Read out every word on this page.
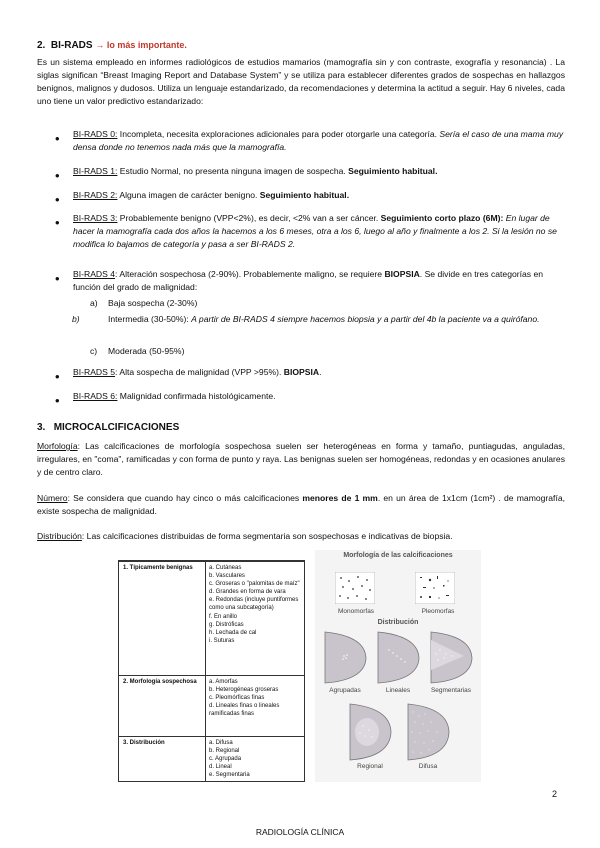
2. BI-RADS → lo más importante.
Es un sistema empleado en informes radiológicos de estudios mamarios (mamografía sin y con contraste, exografía y resonancia) . La siglas significan “Breast Imaging Report and Database System” y se utiliza para establecer diferentes grados de sospechas en hallazgos benignos, malignos y dudosos. Utiliza un lenguaje estandarizado, da recomendaciones y determina la actitud a seguir. Hay 6 niveles, cada uno tiene un valor predictivo estandarizado:
• BI-RADS 0: Incompleta, necesita exploraciones adicionales para poder otorgarle una categoría. Sería el caso de una mama muy densa donde no tenemos nada más que la mamografía.
• BI-RADS 1: Estudio Normal, no presenta ninguna imagen de sospecha. Seguimiento habitual.
• BI-RADS 2: Alguna imagen de carácter benigno. Seguimiento habitual.
• BI-RADS 3: Probablemente benigno (VPP<2%), es decir, <2% van a ser cáncer. Seguimiento corto plazo (6M): En lugar de hacer la mamografía cada dos años la hacemos a los 6 meses, otra a los 6, luego al año y finalmente a los 2. Si la lesión no se modifica lo bajamos de categoría y pasa a ser BI-RADS 2.
• BI-RADS 4: Alteración sospechosa (2-90%). Probablemente maligno, se requiere BIOPSIA. Se divide en tres categorías en función del grado de malignidad:
a) Baja sospecha (2-30%)
b)	Intermedia (30-50%): A partir de BI-RADS 4 siempre hacemos biopsia y a partir del 4b la paciente va a quirófano.
c) Moderada (50-95%)
• BI-RADS 5: Alta sospecha de malignidad (VPP >95%). BIOPSIA.
• BI-RADS 6: Malignidad confirmada histológicamente.
3. MICROCALCIFICACIONES
Morfología: Las calcificaciones de morfología sospechosa suelen ser heterogéneas en forma y tamaño, puntiagudas, anguladas, irregulares, en "coma", ramificadas y con forma de punto y raya. Las benignas suelen ser homogéneas, redondas y en ocasiones anulares y de centro claro.
Número: Se considera que cuando hay cinco o más calcificaciones menores de 1 mm. en un área de 1x1cm (1cm²) . de mamografía, existe sospecha de malignidad.
Distribución: Las calcificaciones distribuidas de forma segmentaria son sospechosas e indicativas de biopsia.
1. Típicamente benignas	a. Cutáneas
b. Vasculares
c. Groseras o "palomitas de maíz"
d. Grandes en forma de vara
e. Redondas (incluye puntiformes como una subcategoría)
f. En anillo
g. Distróficas
h. Lechada de cal
i. Suturas
2. Morfología sospechosa	a. Amorfas
b. Heterogéneas groseras
c. Pleomórficas finas
d. Lineales finas o lineales ramificadas finas
3. Distribución	a. Difusa
b. Regional
c. Agrupada
d. Lineal
e. Segmentaria
Morfología de las calcificaciones
Monomorfas	Pleomorfas
Distribución
Agrupadas	Lineales	Segmentarias
Regional	Difusa
2
RADIOLOGÍA CLÍNICA
